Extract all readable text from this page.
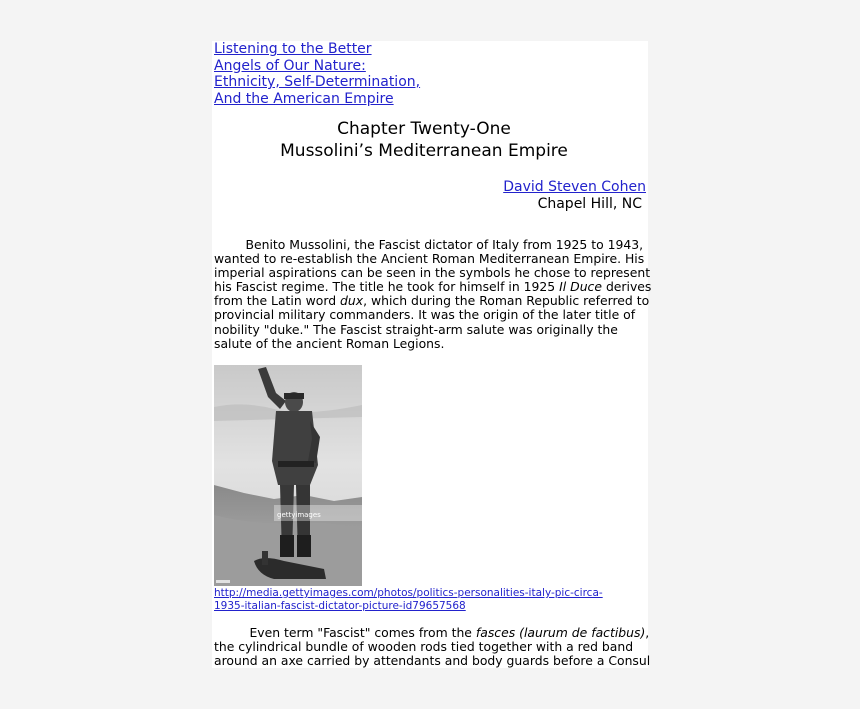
Listening to the Better
Angels of Our Nature:
Ethnicity, Self-Determination,
And the American Empire
Chapter Twenty-One
Mussolini’s Mediterranean Empire
David Steven Cohen
Chapel Hill, NC
Benito Mussolini, the Fascist dictator of Italy from 1925 to 1943,
wanted to re-establish the Ancient Roman Mediterranean Empire. His
imperial aspirations can be seen in the symbols he chose to represent
his Fascist regime. The title he took for himself in 1925 Il Duce derives
from the Latin word dux, which during the Roman Republic referred to
provincial military commanders. It was the origin of the later title of
nobility "duke." The Fascist straight-arm salute was originally the
salute of the ancient Roman Legions.
gettyimages
http://media.gettyimages.com/photos/politics-personalities-italy-pic-circa-
1935-italian-fascist-dictator-picture-id79657568
Even term "Fascist" comes from the fasces (laurum de factibus),
the cylindrical bundle of wooden rods tied together with a red band
around an axe carried by attendants and body guards before a Consul
